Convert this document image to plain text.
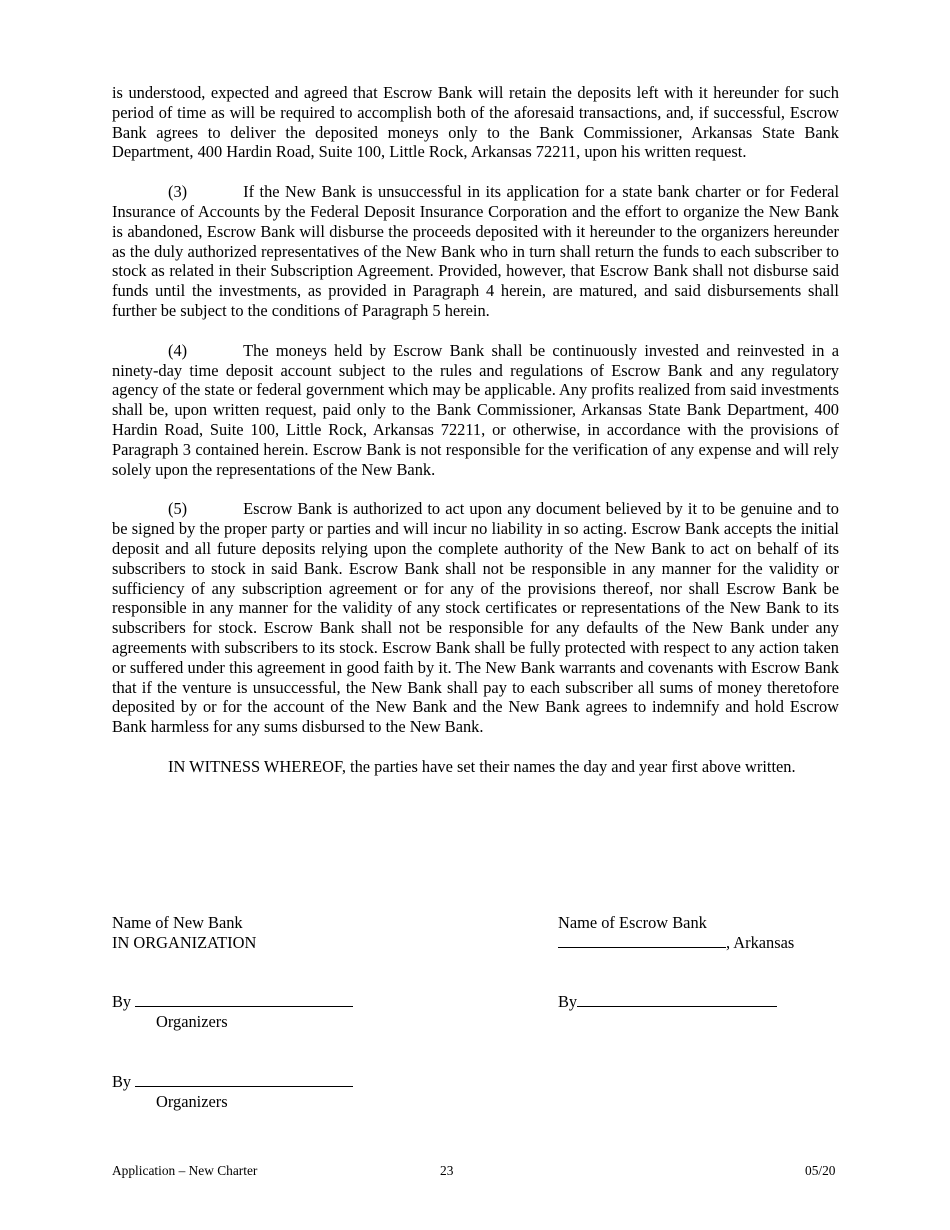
is understood, expected and agreed that Escrow Bank will retain the deposits left with it hereunder for such period of time as will be required to accomplish both of the aforesaid transactions, and, if successful, Escrow Bank agrees to deliver the deposited moneys only to the Bank Commissioner, Arkansas State Bank Department, 400 Hardin Road, Suite 100, Little Rock, Arkansas 72211, upon his written request.

(3)	If the New Bank is unsuccessful in its application for a state bank charter or for Federal Insurance of Accounts by the Federal Deposit Insurance Corporation and the effort to organize the New Bank is abandoned, Escrow Bank will disburse the proceeds deposited with it hereunder to the organizers hereunder as the duly authorized representatives of the New Bank who in turn shall return the funds to each subscriber to stock as related in their Subscription Agreement. Provided, however, that Escrow Bank shall not disburse said funds until the investments, as provided in Paragraph 4 herein, are matured, and said disbursements shall further be subject to the conditions of Paragraph 5 herein.

(4)	The moneys held by Escrow Bank shall be continuously invested and reinvested in a ninety-day time deposit account subject to the rules and regulations of Escrow Bank and any regulatory agency of the state or federal government which may be applicable. Any profits realized from said investments shall be, upon written request, paid only to the Bank Commissioner, Arkansas State Bank Department, 400 Hardin Road, Suite 100, Little Rock, Arkansas 72211, or otherwise, in accordance with the provisions of Paragraph 3 contained herein. Escrow Bank is not responsible for the verification of any expense and will rely solely upon the representations of the New Bank.

(5)	Escrow Bank is authorized to act upon any document believed by it to be genuine and to be signed by the proper party or parties and will incur no liability in so acting. Escrow Bank accepts the initial deposit and all future deposits relying upon the complete authority of the New Bank to act on behalf of its subscribers to stock in said Bank. Escrow Bank shall not be responsible in any manner for the validity or sufficiency of any subscription agreement or for any of the provisions thereof, nor shall Escrow Bank be responsible in any manner for the validity of any stock certificates or representations of the New Bank to its subscribers for stock. Escrow Bank shall not be responsible for any defaults of the New Bank under any agreements with subscribers to its stock. Escrow Bank shall be fully protected with respect to any action taken or suffered under this agreement in good faith by it. The New Bank warrants and covenants with Escrow Bank that if the venture is unsuccessful, the New Bank shall pay to each subscriber all sums of money theretofore deposited by or for the account of the New Bank and the New Bank agrees to indemnify and hold Escrow Bank harmless for any sums disbursed to the New Bank.

IN WITNESS WHEREOF, the parties have set their names the day and year first above written.

Name of New Bank
IN ORGANIZATION
Name of Escrow Bank
, Arkansas
By
Organizers
By
By
Organizers
Application – New Charter	23	05/20
